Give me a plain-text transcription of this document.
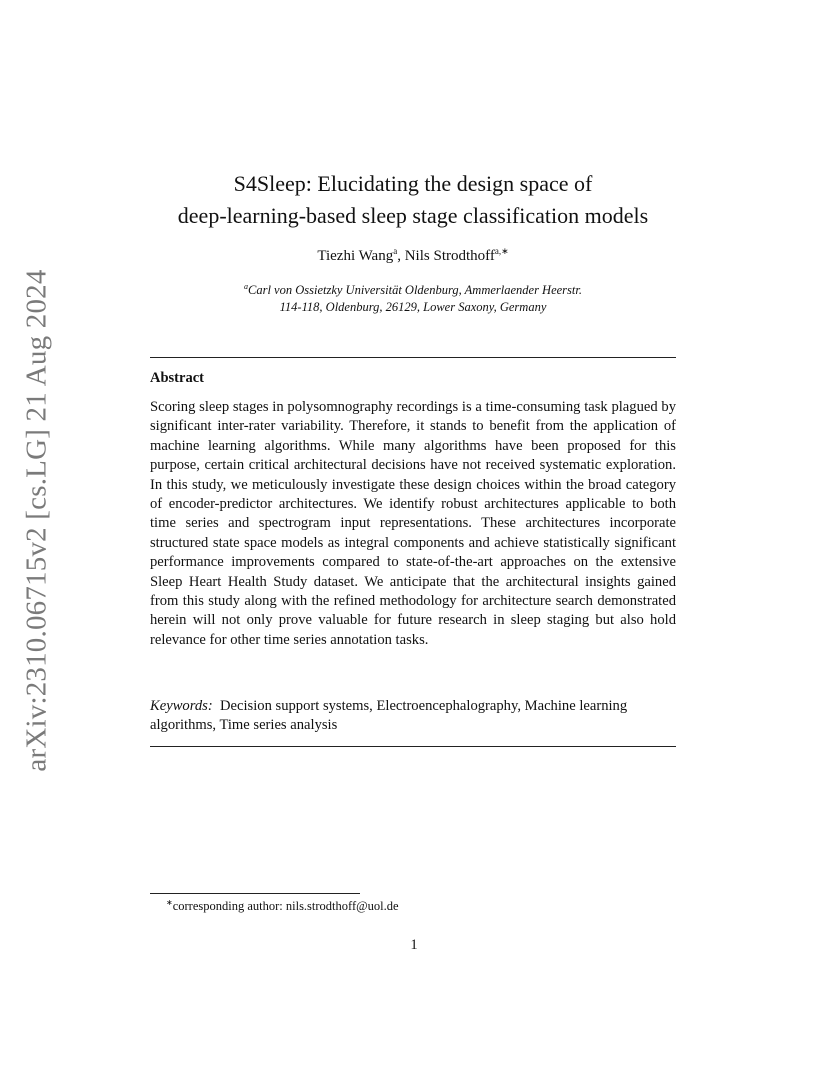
arXiv:2310.06715v2 [cs.LG] 21 Aug 2024
S4Sleep: Elucidating the design space of
deep-learning-based sleep stage classification models
Tiezhi Wang$^a$, Nils Strodthoff$^{a,∗}$
$^a$Carl von Ossietzky Universität Oldenburg, Ammerlaender Heerstr.
114-118, Oldenburg, 26129, Lower Saxony, Germany
Abstract
Scoring sleep stages in polysomnography recordings is a time-consuming task plagued by significant inter-rater variability. Therefore, it stands to benefit from the application of machine learning algorithms. While many algorithms have been proposed for this purpose, certain critical architectural decisions have not received systematic exploration. In this study, we meticulously investigate these design choices within the broad category of encoder-predictor architectures. We identify robust architectures applicable to both time series and spectrogram input representations. These architectures incorporate structured state space models as integral components and achieve statistically significant performance improvements compared to state-of-the-art approaches on the extensive Sleep Heart Health Study dataset. We anticipate that the architectural insights gained from this study along with the refined methodology for architecture search demonstrated herein will not only prove valuable for future research in sleep staging but also hold relevance for other time series annotation tasks.
Keywords: Decision support systems, Electroencephalography, Machine learning algorithms, Time series analysis
∗corresponding author: nils.strodthoff@uol.de
1
